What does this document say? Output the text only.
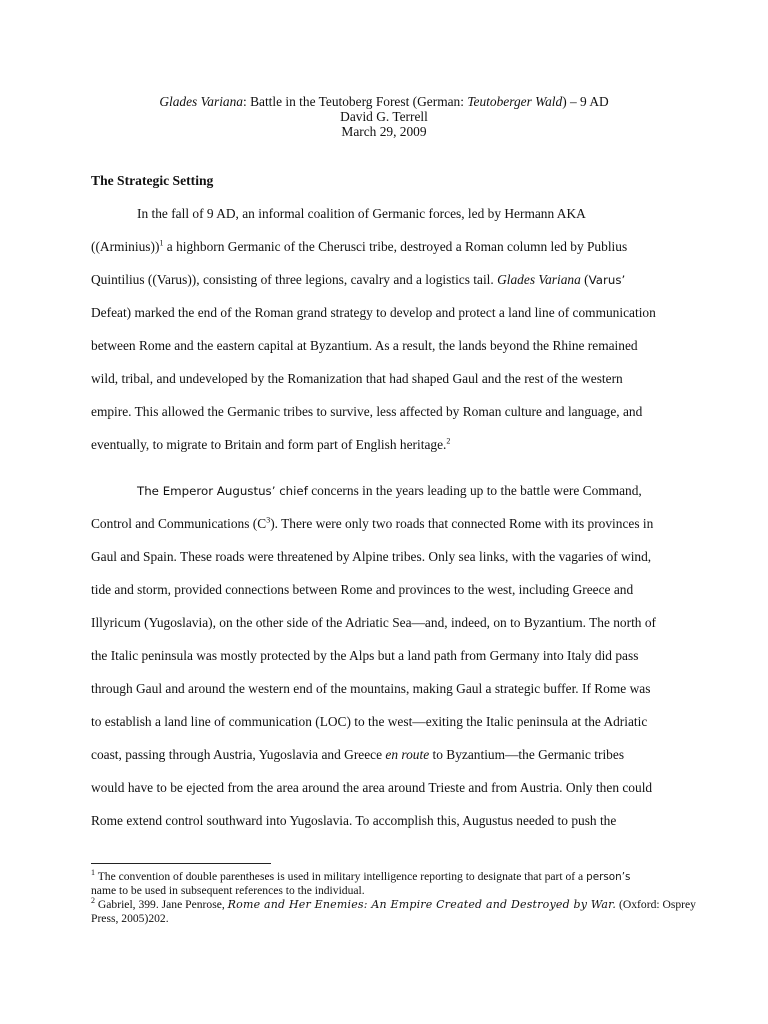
Glades Variana: Battle in the Teutoberg Forest (German: Teutoberger Wald) – 9 AD
David G. Terrell
March 29, 2009
The Strategic Setting
In the fall of 9 AD, an informal coalition of Germanic forces, led by Hermann AKA
((Arminius))$^1$ a highborn Germanic of the Cherusci tribe, destroyed a Roman column led by Publius
Quintilius ((Varus)), consisting of three legions, cavalry and a logistics tail. Glades Variana (Varus’
Defeat) marked the end of the Roman grand strategy to develop and protect a land line of communication
between Rome and the eastern capital at Byzantium. As a result, the lands beyond the Rhine remained
wild, tribal, and undeveloped by the Romanization that had shaped Gaul and the rest of the western
empire. This allowed the Germanic tribes to survive, less affected by Roman culture and language, and
eventually, to migrate to Britain and form part of English heritage.$^2$
The Emperor Augustus’ chief concerns in the years leading up to the battle were Command,
Control and Communications $(C^3)$. There were only two roads that connected Rome with its provinces in
Gaul and Spain. These roads were threatened by Alpine tribes. Only sea links, with the vagaries of wind,
tide and storm, provided connections between Rome and provinces to the west, including Greece and
Illyricum (Yugoslavia), on the other side of the Adriatic Sea—and, indeed, on to Byzantium. The north of
the Italic peninsula was mostly protected by the Alps but a land path from Germany into Italy did pass
through Gaul and around the western end of the mountains, making Gaul a strategic buffer. If Rome was
to establish a land line of communication (LOC) to the west—exiting the Italic peninsula at the Adriatic
coast, passing through Austria, Yugoslavia and Greece en route to Byzantium—the Germanic tribes
would have to be ejected from the area around the area around Trieste and from Austria. Only then could
Rome extend control southward into Yugoslavia. To accomplish this, Augustus needed to push the
$^1$ The convention of double parentheses is used in military intelligence reporting to designate that part of a person’s
name to be used in subsequent references to the individual.
$^2$ Gabriel, 399. Jane Penrose, Rome and Her Enemies: An Empire Created and Destroyed by War. (Oxford: Osprey
Press, 2005)202.
